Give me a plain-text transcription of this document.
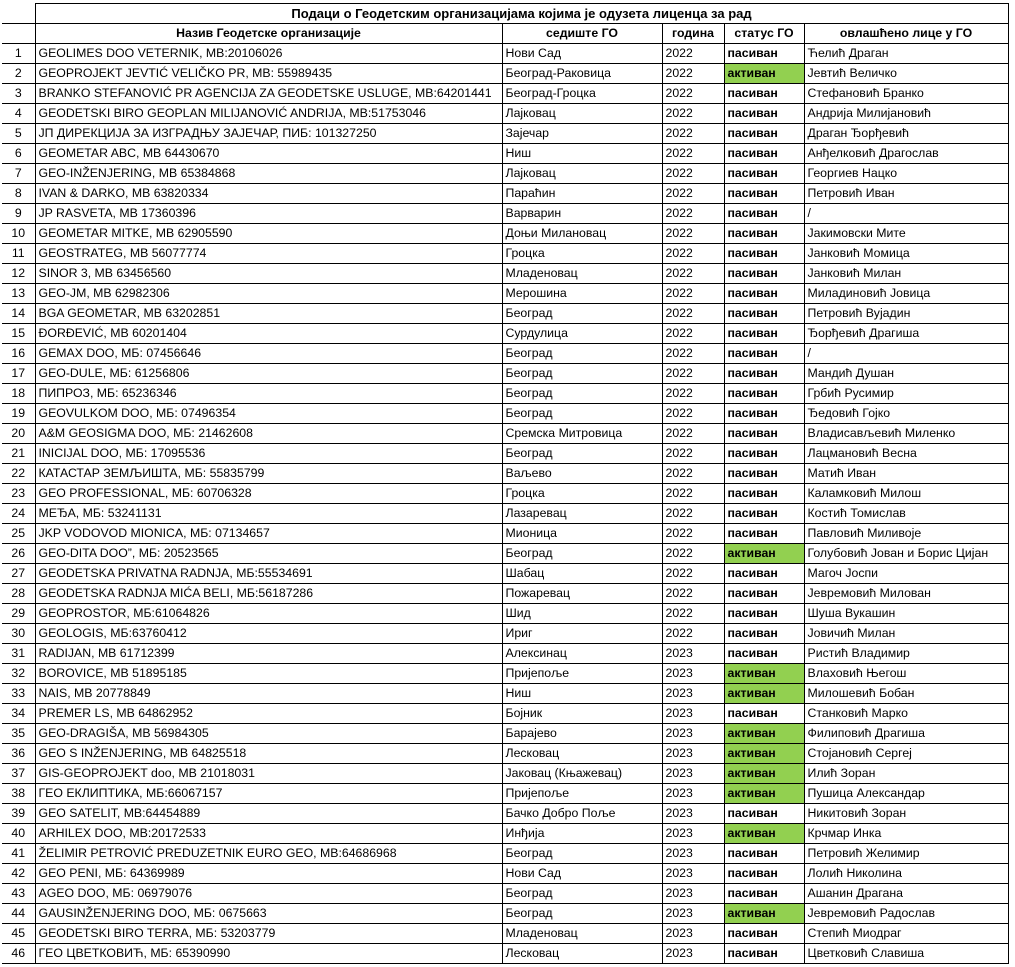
	Подаци о Геодетским организацијама којима је одузета лиценца за рад				
	Назив Геодетске организације	седиште ГО	година	статус ГО	овлашћено лице у ГО
1	GEOLIMES DOO VETERNIK, MB:20106026	Нови Сад	2022	пасиван	Ћелић Драган
2	GEOPROJEKT JEVTIĆ VELIČKO PR, MB: 55989435	Београд-Раковица	2022	активан	Јевтић Величко
3	BRANKO STEFANOVIĆ PR AGENCIJA ZA GEODETSKE USLUGE, MB:64201441	Београд-Гроцка	2022	пасиван	Стефановић Бранко
4	GEODETSKI BIRO GEOPLAN MILIJANOVIĆ ANDRIJA, MB:51753046	Лајковац	2022	пасиван	Андрија Милијановић
5	ЈП ДИРЕКЦИЈА ЗА ИЗГРАДЊУ ЗАЈЕЧАР, ПИБ: 101327250	Зајечар	2022	пасиван	Драган Ђорђевић
6	GEOMETAR ABC, MB 64430670	Ниш	2022	пасиван	Анђелковић Драгослав
7	GEO-INŽENJERING, MB 65384868	Лајковац	2022	пасиван	Георгиев Нацко
8	IVAN & DARKO, MB 63820334	Параћин	2022	пасиван	Петровић Иван
9	JP RASVETA, MB 17360396	Варварин	2022	пасиван	/
10	GEOMETAR MITKE, MB 62905590	Доњи Милановац	2022	пасиван	Јакимовски Мите
11	GEOSTRATEG, MB 56077774	Гроцка	2022	пасиван	Јанковић Момица
12	SINOR 3, MB 63456560	Младеновац	2022	пасиван	Јанковић Милан
13	GEO-JM, MB 62982306	Мерошина	2022	пасиван	Миладиновић Јовица
14	BGA GEOMETAR, MB 63202851	Београд	2022	пасиван	Петровић Вујадин
15	ĐORĐEVIĆ, MB 60201404	Сурдулица	2022	пасиван	Ђорђевић Драгиша
16	GEMAX DOO, МБ: 07456646	Београд	2022	пасиван	/
17	GEO-DULE, МБ: 61256806	Београд	2022	пасиван	Мандић Душан
18	ПИПРОЗ, МБ: 65236346	Београд	2022	пасиван	Грбић Русимир
19	GEOVULKOM DOO, МБ: 07496354	Београд	2022	пасиван	Ђедовић Гојко
20	A&M GEOSIGMA DOO, МБ: 21462608	Сремска Митровица	2022	пасиван	Владисављевић Миленко
21	INICIJAL DOO, МБ: 17095536	Београд	2022	пасиван	Лацмановић Весна
22	КАТАСТАР ЗЕМЉИШТА, МБ: 55835799	Ваљево	2022	пасиван	Матић Иван
23	GEO PROFESSIONAL, МБ: 60706328	Гроцка	2022	пасиван	Каламковић Милош
24	МЕЂА, МБ: 53241131	Лазаревац	2022	пасиван	Костић Томислав
25	JKP VODOVOD MIONICA, МБ: 07134657	Мионица	2022	пасиван	Павловић Миливоје
26	GEO-DITA DOO”, МБ: 20523565	Београд	2022	активан	Голубовић Јован и Борис Цијан
27	GEODETSKA PRIVATNA RADNJA, МБ:55534691	Шабац	2022	пасиван	Магоч Јоспи
28	GEODETSKA RADNJA MIĆA BELI, МБ:56187286	Пожаревац	2022	пасиван	Јевремовић Милован
29	GEOPROSTOR, МБ:61064826	Шид	2022	пасиван	Шуша Вукашин
30	GEOLOGIS, МБ:63760412	Ириг	2022	пасиван	Јовичић Милан
31	RADIJAN, MB 61712399	Алексинац	2023	пасиван	Ристић Владимир
32	BOROVICE, MB 51895185	Пријепоље	2023	активан	Влаховић Његош
33	NAIS, MB 20778849	Ниш	2023	активан	Милошевић Бобан
34	PREMER LS, MB 64862952	Бојник	2023	пасиван	Станковић Марко
35	GEO-DRAGIŠA, MB 56984305	Барајево	2023	активан	Филиповић Драгиша
36	GEO S INŽENJERING, MB 64825518	Лесковац	2023	активан	Стојановић Сергеј
37	GIS-GEOPROJEKT doo, MB 21018031	Јаковац (Књажевац)	2023	активан	Илић Зоран
38	ГЕО ЕКЛИПТИКА, МБ:66067157	Пријепоље	2023	активан	Пушица Александар
39	GEO SATELIT, MB:64454889	Бачко Добро Поље	2023	пасиван	Никитовић Зоран
40	ARHILEX DOO, MB:20172533	Инђија	2023	активан	Крчмар Инка
41	ŽELIMIR PETROVIĆ PREDUZETNIK EURO GEO, MB:64686968	Београд	2023	пасиван	Петровић Желимир
42	GEO PENI, МБ: 64369989	Нови Сад	2023	пасиван	Лолић Николина
43	AGEO DOO, МБ: 06979076	Београд	2023	пасиван	Ашанин Драгана
44	GAUSINŽENJERING DOO, МБ: 0675663	Београд	2023	активан	Јевремовић Радослав
45	GEODETSKI BIRO TERRA, МБ: 53203779	Младеновац	2023	пасиван	Степић Миодраг
46	ГЕО ЦВЕТКОВИЋ, МБ: 65390990	Лесковац	2023	пасиван	Цветковић Славиша
